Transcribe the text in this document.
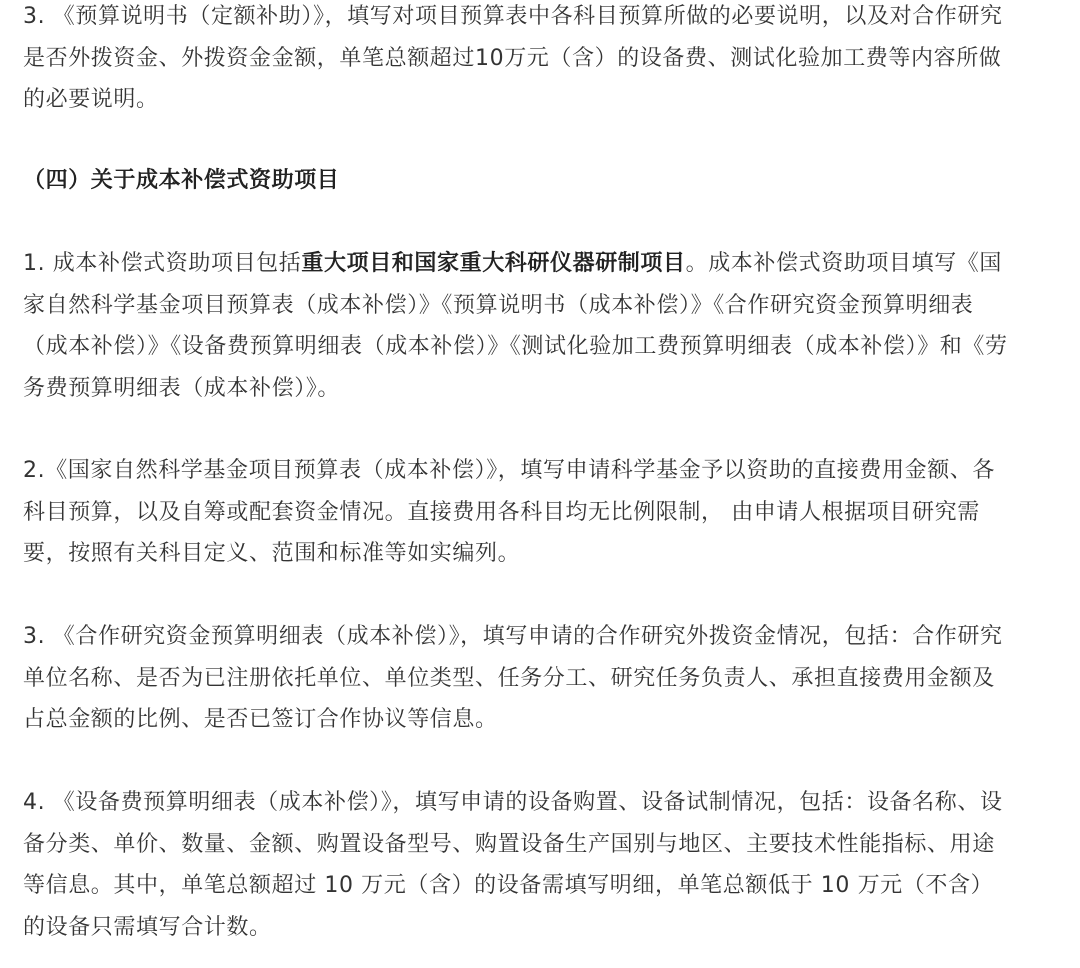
3. 《预算说明书（定额补助）》，填写对项目预算表中各科目预算所做的必要说明，以及对合作研究是否外拨资金、外拨资金金额，单笔总额超过10万元（含）的设备费、测试化验加工费等内容所做的必要说明。

（四）关于成本补偿式资助项目

1. 成本补偿式资助项目包括重大项目和国家重大科研仪器研制项目。成本补偿式资助项目填写《国家自然科学基金项目预算表（成本补偿）》《预算说明书（成本补偿）》《合作研究资金预算明细表（成本补偿）》《设备费预算明细表（成本补偿）》《测试化验加工费预算明细表（成本补偿）》和《劳务费预算明细表（成本补偿）》。

2.《国家自然科学基金项目预算表（成本补偿）》，填写申请科学基金予以资助的直接费用金额、各科目预算，以及自筹或配套资金情况。直接费用各科目均无比例限制， 由申请人根据项目研究需要，按照有关科目定义、范围和标准等如实编列。

3. 《合作研究资金预算明细表（成本补偿）》，填写申请的合作研究外拨资金情况，包括：合作研究单位名称、是否为已注册依托单位、单位类型、任务分工、研究任务负责人、承担直接费用金额及占总金额的比例、是否已签订合作协议等信息。

4. 《设备费预算明细表（成本补偿）》，填写申请的设备购置、设备试制情况，包括：设备名称、设备分类、单价、数量、金额、购置设备型号、购置设备生产国别与地区、主要技术性能指标、用途等信息。其中，单笔总额超过 10 万元（含）的设备需填写明细，单笔总额低于 10 万元（不含）的设备只需填写合计数。
